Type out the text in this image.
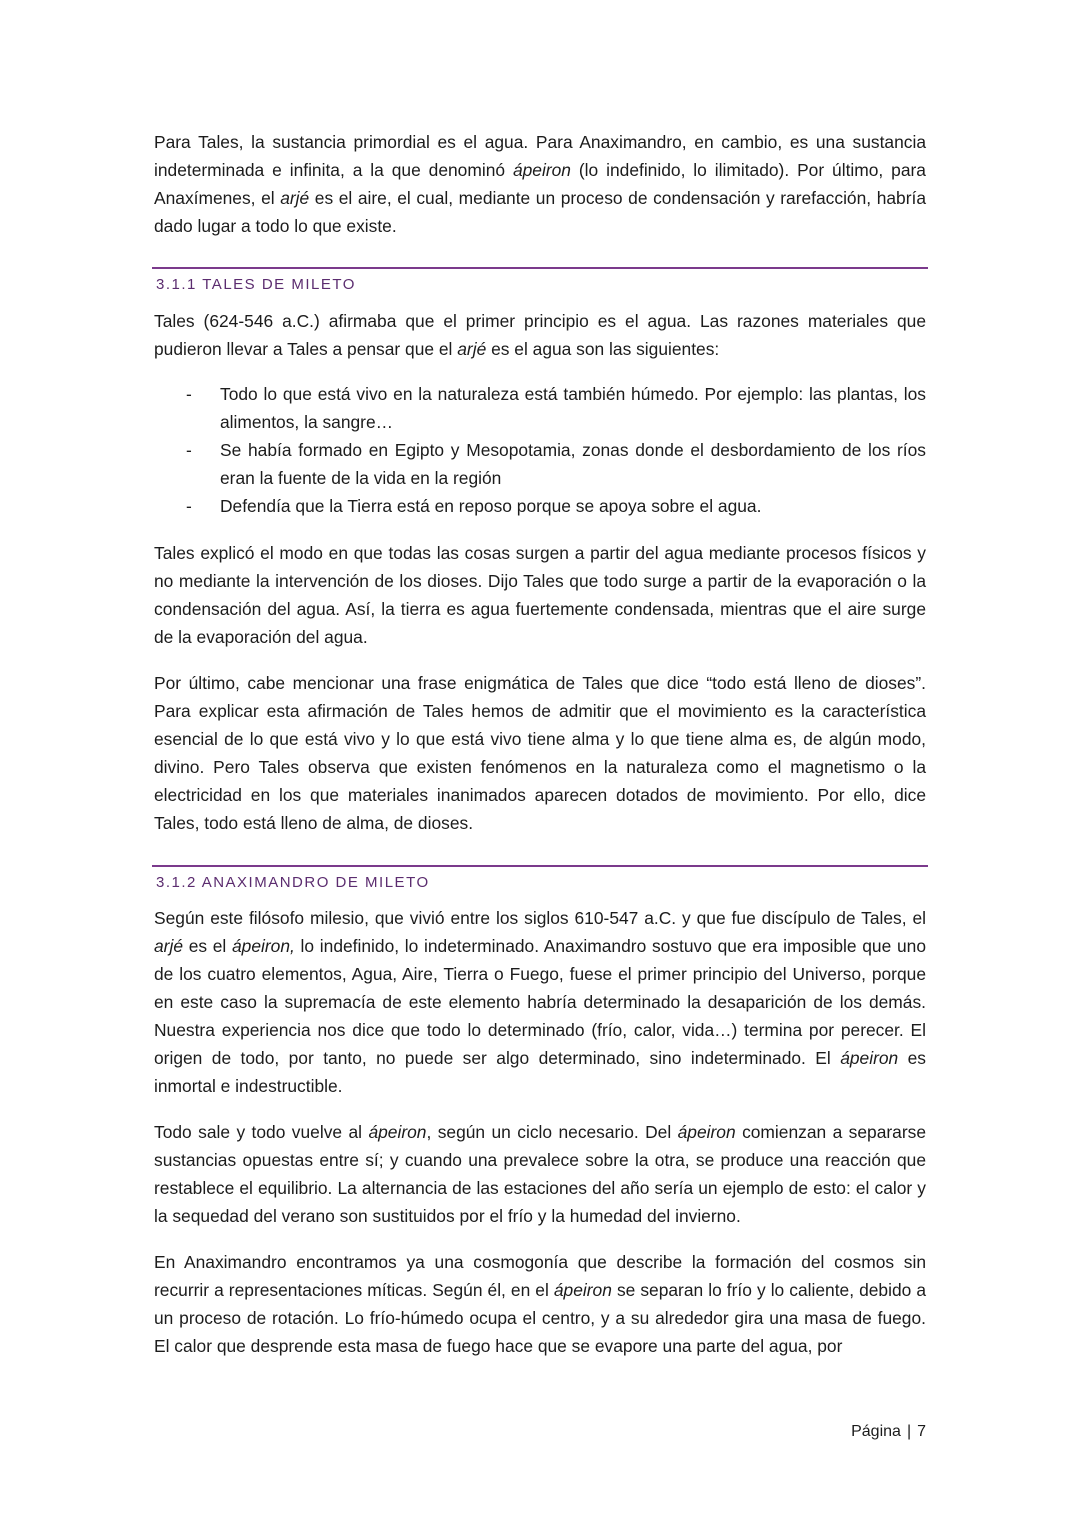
Para Tales, la sustancia primordial es el agua. Para Anaximandro, en cambio, es una sustancia indeterminada e infinita, a la que denominó ápeiron (lo indefinido, lo ilimitado). Por último, para Anaxímenes, el arjé es el aire, el cual, mediante un proceso de condensación y rarefacción, habría dado lugar a todo lo que existe.

3.1.1 TALES DE MILETO

Tales (624-546 a.C.) afirmaba que el primer principio es el agua. Las razones materiales que pudieron llevar a Tales a pensar que el arjé es el agua son las siguientes:

- Todo lo que está vivo en la naturaleza está también húmedo. Por ejemplo: las plantas, los alimentos, la sangre…
- Se había formado en Egipto y Mesopotamia, zonas donde el desbordamiento de los ríos eran la fuente de la vida en la región
- Defendía que la Tierra está en reposo porque se apoya sobre el agua.

Tales explicó el modo en que todas las cosas surgen a partir del agua mediante procesos físicos y no mediante la intervención de los dioses. Dijo Tales que todo surge a partir de la evaporación o la condensación del agua. Así, la tierra es agua fuertemente condensada, mientras que el aire surge de la evaporación del agua.

Por último, cabe mencionar una frase enigmática de Tales que dice “todo está lleno de dioses”. Para explicar esta afirmación de Tales hemos de admitir que el movimiento es la característica esencial de lo que está vivo y lo que está vivo tiene alma y lo que tiene alma es, de algún modo, divino. Pero Tales observa que existen fenómenos en la naturaleza como el magnetismo o la electricidad en los que materiales inanimados aparecen dotados de movimiento. Por ello, dice Tales, todo está lleno de alma, de dioses.

3.1.2 ANAXIMANDRO DE MILETO

Según este filósofo milesio, que vivió entre los siglos 610-547 a.C. y que fue discípulo de Tales, el arjé es el ápeiron, lo indefinido, lo indeterminado. Anaximandro sostuvo que era imposible que uno de los cuatro elementos, Agua, Aire, Tierra o Fuego, fuese el primer principio del Universo, porque en este caso la supremacía de este elemento habría determinado la desaparición de los demás. Nuestra experiencia nos dice que todo lo determinado (frío, calor, vida…) termina por perecer. El origen de todo, por tanto, no puede ser algo determinado, sino indeterminado. El ápeiron es inmortal e indestructible.

Todo sale y todo vuelve al ápeiron, según un ciclo necesario. Del ápeiron comienzan a separarse sustancias opuestas entre sí; y cuando una prevalece sobre la otra, se produce una reacción que restablece el equilibrio. La alternancia de las estaciones del año sería un ejemplo de esto: el calor y la sequedad del verano son sustituidos por el frío y la humedad del invierno.

En Anaximandro encontramos ya una cosmogonía que describe la formación del cosmos sin recurrir a representaciones míticas. Según él, en el ápeiron se separan lo frío y lo caliente, debido a un proceso de rotación. Lo frío-húmedo ocupa el centro, y a su alrededor gira una masa de fuego. El calor que desprende esta masa de fuego hace que se evapore una parte del agua, por

Página | 7
